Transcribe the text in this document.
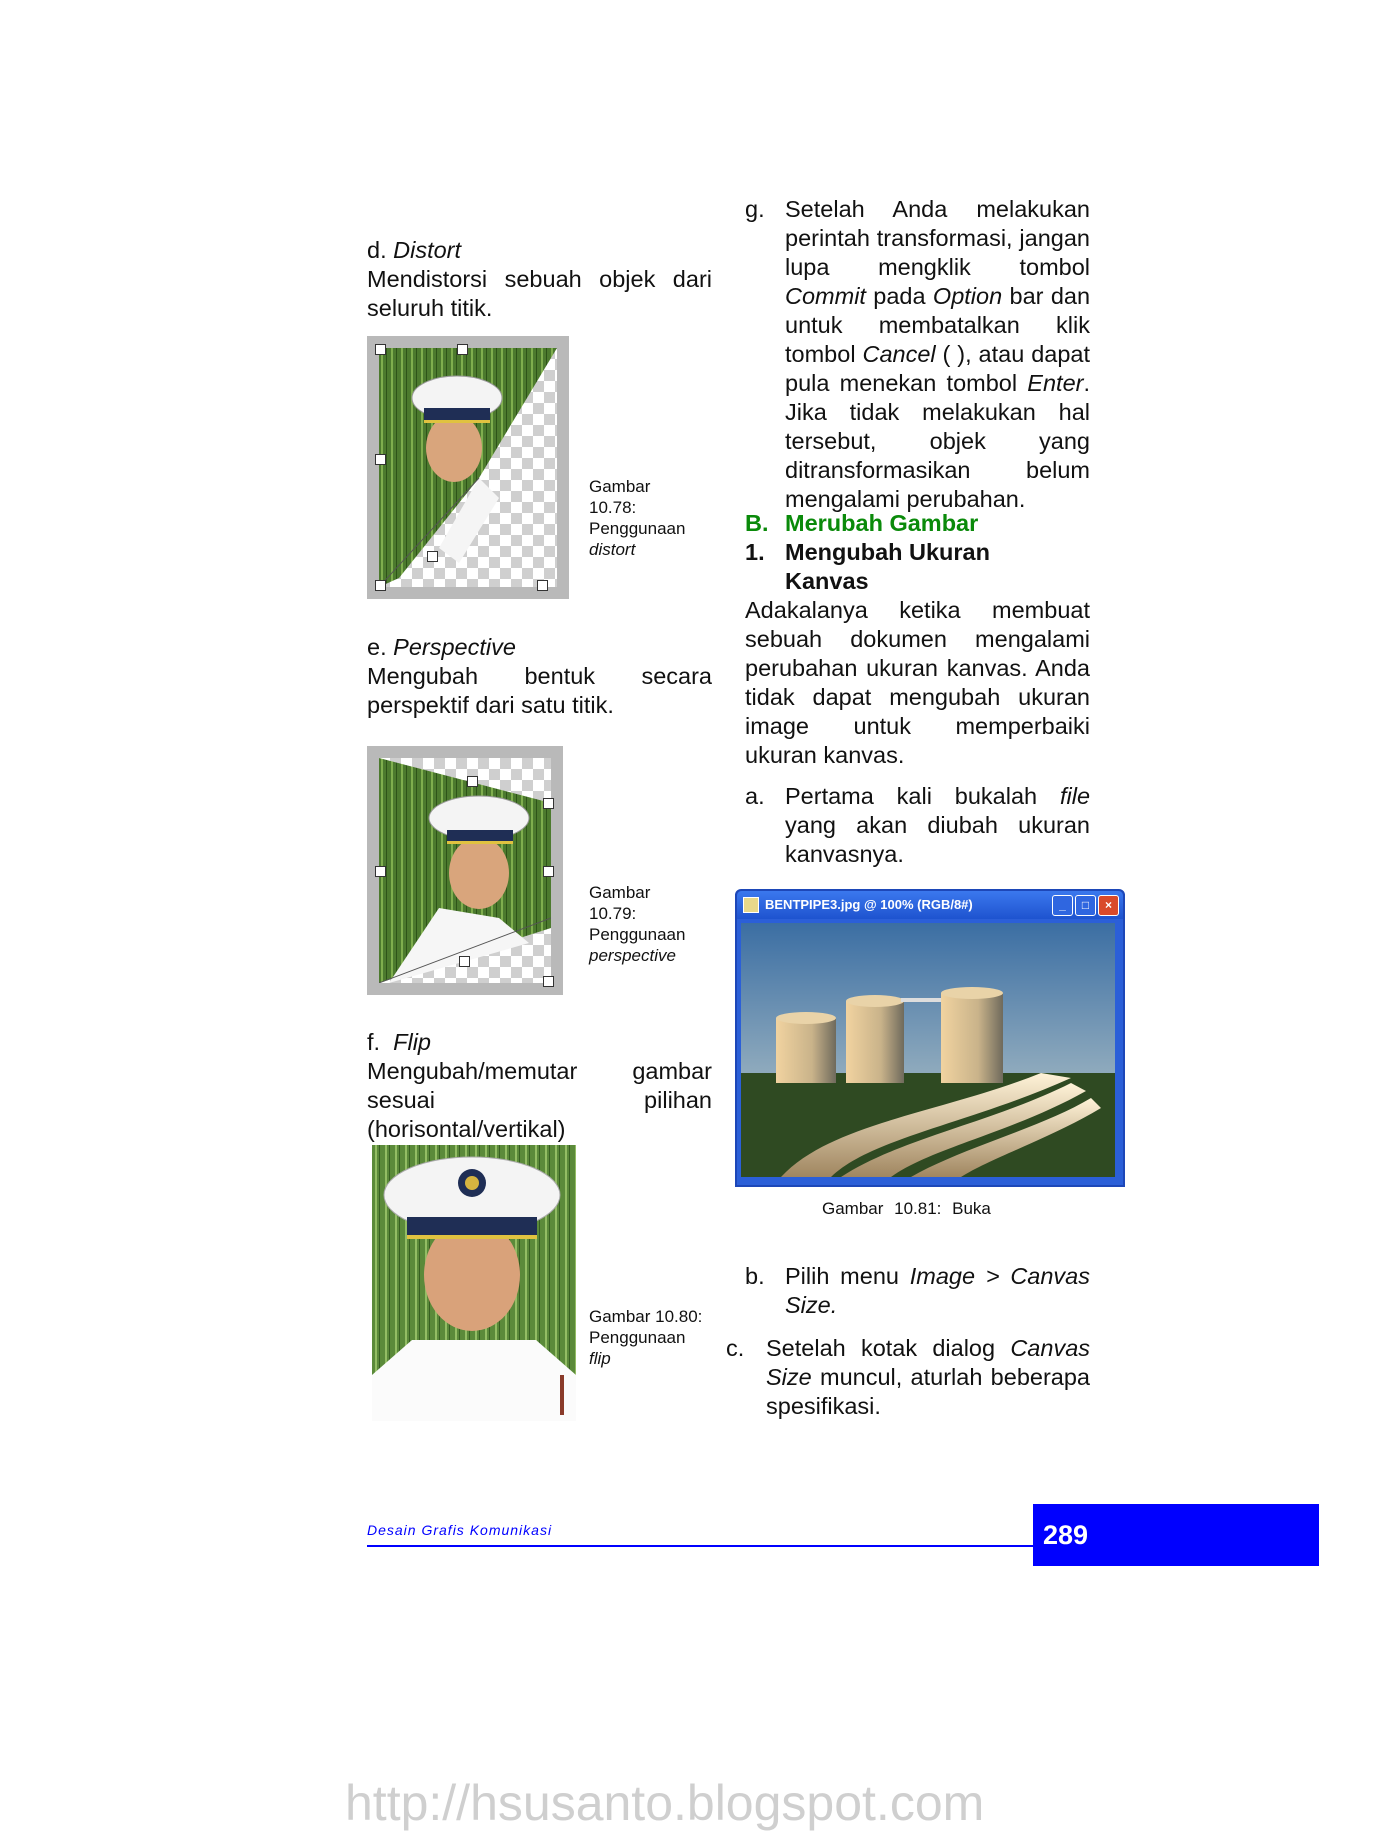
d. Distort
Mendistorsi sebuah objek dari seluruh titik.
Gambar 10.78:
Penggunaan
distort
e. Perspective
Mengubah bentuk secara perspektif dari satu titik.
Gambar 10.79:
Penggunaan
perspective
f. Flip
Mengubah/memutar gambar sesuai pilihan (horisontal/vertikal)
Gambar 10.80:
Penggunaan
flip
g. Setelah Anda melakukan perintah transformasi, jangan lupa mengklik tombol Commit pada Option bar dan untuk membatalkan klik tombol Cancel ( ), atau dapat pula menekan tombol Enter. Jika tidak melakukan hal tersebut, objek yang ditransformasikan belum mengalami perubahan.
B. Merubah Gambar
1. Mengubah Ukuran Kanvas
Adakalanya ketika membuat sebuah dokumen mengalami perubahan ukuran kanvas. Anda tidak dapat mengubah ukuran image untuk memperbaiki ukuran kanvas.
a. Pertama kali bukalah file yang akan diubah ukuran kanvasnya.
BENTPIPE3.jpg @ 100% (RGB/8#)	_	□	×
Gambar 10.81: Buka
b. Pilih menu Image > Canvas Size.
c. Setelah kotak dialog Canvas Size muncul, aturlah beberapa spesifikasi.
Desain Grafis Komunikasi	289
http://hsusanto.blogspot.com
